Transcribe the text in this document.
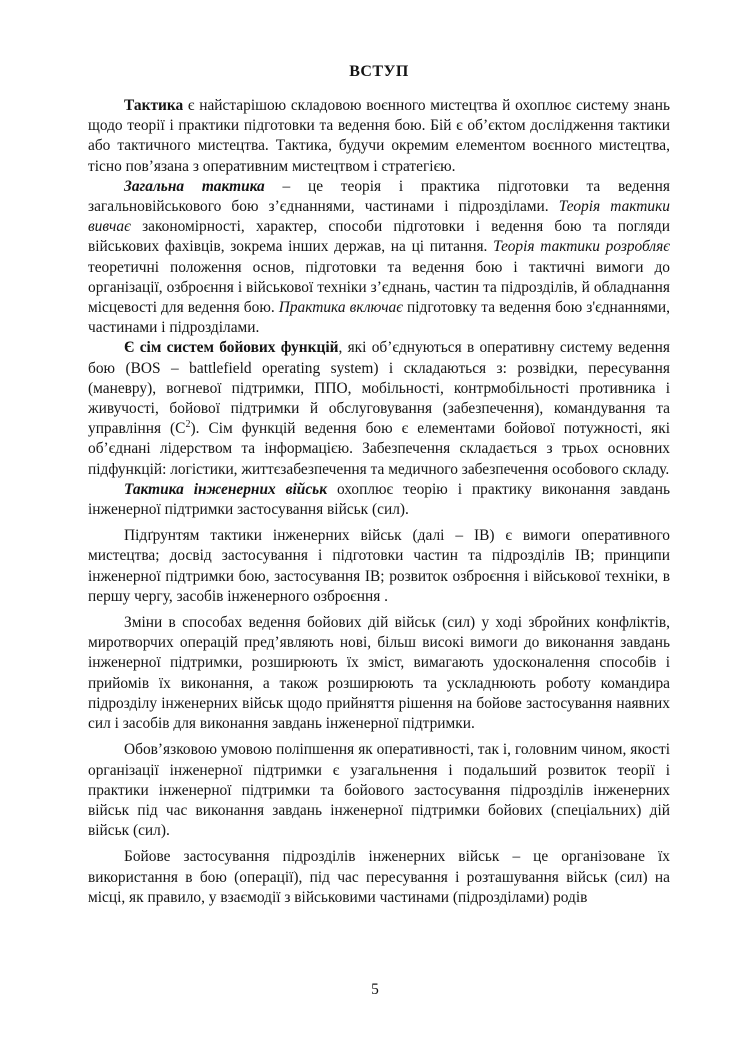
ВСТУП

Тактика є найстарішою складовою воєнного мистецтва й охоплює систему знань щодо теорії і практики підготовки та ведення бою. Бій є об’єктом дослідження тактики або тактичного мистецтва. Тактика, будучи окремим елементом воєнного мистецтва, тісно пов’язана з оперативним мистецтвом і стратегією.

Загальна тактика – це теорія і практика підготовки та ведення загальновійськового бою з’єднаннями, частинами і підрозділами. Теорія тактики вивчає закономірності, характер, способи підготовки і ведення бою та погляди військових фахівців, зокрема інших держав, на ці питання. Теорія тактики розробляє теоретичні положення основ, підготовки та ведення бою і тактичні вимоги до організації, озброєння і військової техніки з’єднань, частин та підрозділів, й обладнання місцевості для ведення бою. Практика включає підготовку та ведення бою з'єднаннями, частинами і підрозділами.

Є сім систем бойових функцій, які об’єднуються в оперативну систему ведення бою (BOS – battlefield operating system) і складаються з: розвідки, пересування (маневру), вогневої підтримки, ППО, мобільності, контрмобільності противника і живучості, бойової підтримки й обслуговування (забезпечення), командування та управління $(C^2)$. Сім функцій ведення бою є елементами бойової потужності, які об’єднані лідерством та інформацією. Забезпечення складається з трьох основних підфункцій: логістики, життєзабезпечення та медичного забезпечення особового складу.

Тактика інженерних військ охоплює теорію і практику виконання завдань інженерної підтримки застосування військ (сил).

Підґрунтям тактики інженерних військ (далі – ІВ) є вимоги оперативного мистецтва; досвід застосування і підготовки частин та підрозділів ІВ; принципи інженерної підтримки бою, застосування ІВ; розвиток озброєння і військової техніки, в першу чергу, засобів інженерного озброєння .

Зміни в способах ведення бойових дій військ (сил) у ході збройних конфліктів, миротворчих операцій пред’являють нові, більш високі вимоги до виконання завдань інженерної підтримки, розширюють їх зміст, вимагають удосконалення способів і прийомів їх виконання, а також розширюють та ускладнюють роботу командира підрозділу інженерних військ щодо прийняття рішення на бойове застосування наявних сил і засобів для виконання завдань інженерної підтримки.

Обов’язковою умовою поліпшення як оперативності, так і, головним чином, якості організації інженерної підтримки є узагальнення і подальший розвиток теорії і практики інженерної підтримки та бойового застосування підрозділів інженерних військ під час виконання завдань інженерної підтримки бойових (спеціальних) дій військ (сил).

Бойове застосування підрозділів інженерних військ – це організоване їх використання в бою (операції), під час пересування і розташування військ (сил) на місці, як правило, у взаємодії з військовими частинами (підрозділами) родів

5
